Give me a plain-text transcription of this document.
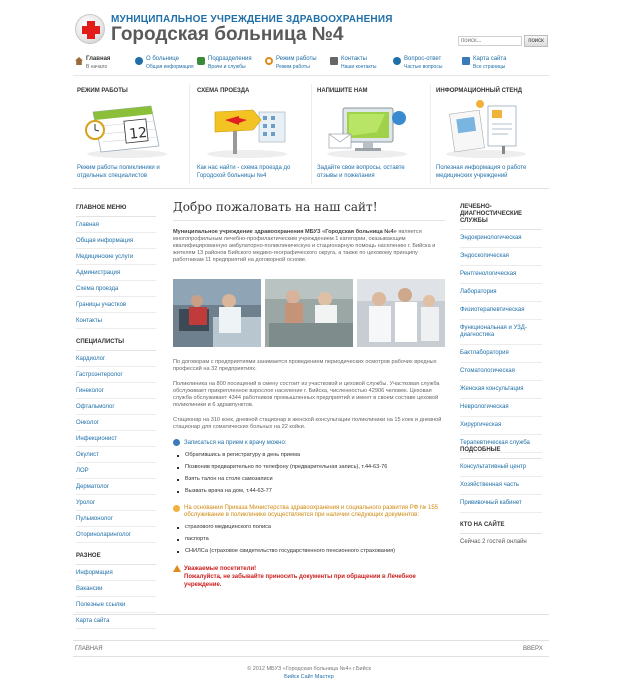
МУНИЦИПАЛЬНОЕ УЧРЕЖДЕНИЕ ЗДРАВООХРАНЕНИЯ
Городская больница №4
поиск...	поиск
Главная
В начало
О больнице
Общая информация
Подразделения
Врачи и службы
Режим работы
Режим работы
Контакты
Наши контакты
Вопрос-ответ
Частые вопросы
Карта сайта
Все страницы
РЕЖИМ РАБОТЫ
12
Режим работы поликлиники и отдельных специалистов
СХЕМА ПРОЕЗДА
Как нас найти - схема проезда до Городской больницы №4
НАПИШИТЕ НАМ
Задайте свои вопросы, оставте отзывы и пожелания
ИНФОРМАЦИОННЫЙ СТЕНД
Полезная информация о работе медицинских учреждений
ГЛАВНОЕ МЕНЮ
Главная
Общая информация
Медицинские услуги
Администрация
Схема проезда
Границы участков
Контакты
СПЕЦИАЛИСТЫ
Кардиолог
Гастроэнтеролог
Гинеколог
Офтальмолог
Онколог
Инфекционист
Окулист
ЛОР
Дерматолог
Уролог
Пульмонолог
Оториноларинголог
РАЗНОЕ
Информация
Вакансии
Полезные ссылки
Карта сайта
Добро пожаловать на наш сайт!

Муниципальное учреждение здравоохранения МБУЗ «Городская больница №4» является многопрофильным лечебно-профилактическим учреждением 1 категории, оказывающим квалифицированную амбулаторно-поликлиническую и стационарную помощь населению г. Бийска и жителям 13 районов Бийского медико-географического округа, а также по цеховому принципу работникам 11 предприятий на договорной основе.

По договорам с предприятиями занимается проведением периодических осмотров рабочих вредных профессий на 32 предприятиях.

Поликлиника на 800 посещений в смену состоит из участковой и цеховой службы. Участковая служба обслуживает прикрепленное взрослое население г. Бийска, численностью 42906 человек. Цеховая служба обслуживает 4344 работников промышленных предприятий и имеет в своем составе цеховой поликлиники и 6 здравпунктов.

Стационар на 310 коек, дневной стационар в женской консультации поликлиники на 15 коек и дневной стационар для соматических больных на 22 койки.

Записаться на прием к врачу можно:
Обратившись в регистратуру в день приема
Позвонив предварительно по телефону (предварительная запись), т.44-63-76
Взять талон на столе самозаписи
Вызвать врача на дом, т.44-63-77
На основании Приказа Министерства здравоохранения и социального развития РФ № 155 обслуживание в поликлинике осуществляется при наличии следующих документов:
страхового медицинского полиса
паспорта
СНИЛСа (страховое свидетельство государственного пенсионного страхования)
Уважаемые посетители!
Пожалуйста, не забывайте приносить документы при обращении в Лечебное учреждение.
ЛЕЧЕБНО-ДИАГНОСТИЧЕСКИЕ СЛУЖБЫ
Эндокринологическая
Эндоскопическая
Рентгенологическая
Лаборатория
Физиотерапевтическая
Функциональная и УЗД-диагностика
Бактлаборатория
Стоматологическая
Женская консультация
Неврологическая
Хирургическая
Терапевтическая служба
ПОДСОБНЫЕ
Консультативный центр
Хозяйственная часть
Прививочный кабинет
КТО НА САЙТЕ
Сейчас 2 гостей онлайн
ГЛАВНАЯ	ВВЕРХ
© 2012 МБУЗ «Городская больница №4» г.Бийск
Бийск Сайт Мастер
